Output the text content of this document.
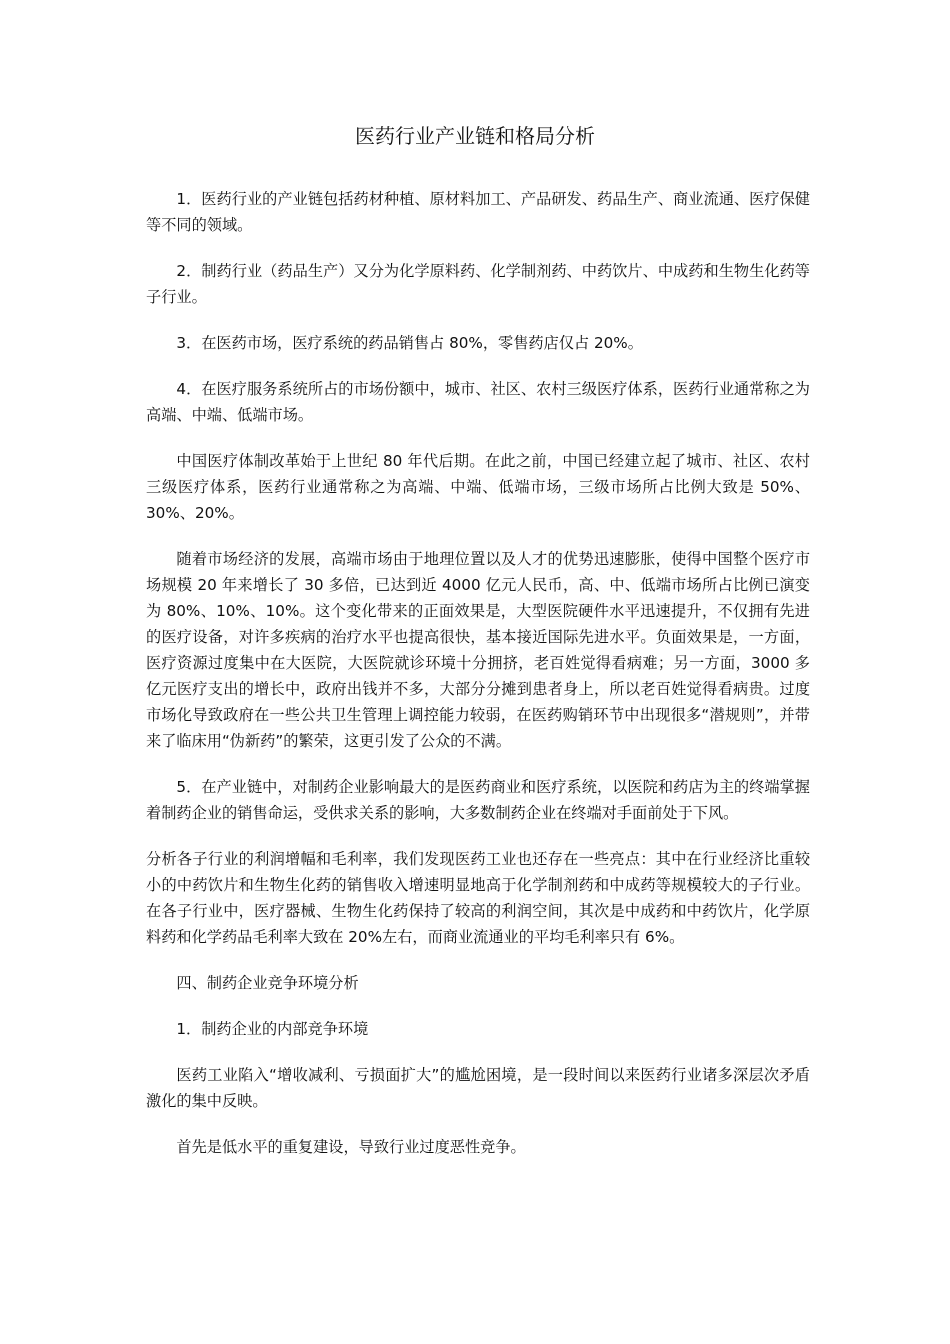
医药行业产业链和格局分析

1．医药行业的产业链包括药材种植、原材料加工、产品研发、药品生产、商业流通、医疗保健等不同的领域。

2．制药行业（药品生产）又分为化学原料药、化学制剂药、中药饮片、中成药和生物生化药等子行业。

3．在医药市场，医疗系统的药品销售占 80%，零售药店仅占 20%。

4．在医疗服务系统所占的市场份额中，城市、社区、农村三级医疗体系，医药行业通常称之为高端、中端、低端市场。

中国医疗体制改革始于上世纪 80 年代后期。在此之前，中国已经建立起了城市、社区、农村三级医疗体系，医药行业通常称之为高端、中端、低端市场，三级市场所占比例大致是 50%、30%、20%。

随着市场经济的发展，高端市场由于地理位置以及人才的优势迅速膨胀，使得中国整个医疗市场规模 20 年来增长了 30 多倍，已达到近 4000 亿元人民币，高、中、低端市场所占比例已演变为 80%、10%、10%。这个变化带来的正面效果是，大型医院硬件水平迅速提升，不仅拥有先进的医疗设备，对许多疾病的治疗水平也提高很快，基本接近国际先进水平。负面效果是，一方面，医疗资源过度集中在大医院，大医院就诊环境十分拥挤，老百姓觉得看病难；另一方面，3000 多亿元医疗支出的增长中，政府出钱并不多，大部分分摊到患者身上，所以老百姓觉得看病贵。过度市场化导致政府在一些公共卫生管理上调控能力较弱，在医药购销环节中出现很多“潜规则”，并带来了临床用“伪新药”的繁荣，这更引发了公众的不满。

5．在产业链中，对制药企业影响最大的是医药商业和医疗系统，以医院和药店为主的终端掌握着制药企业的销售命运，受供求关系的影响，大多数制药企业在终端对手面前处于下风。

分析各子行业的利润增幅和毛利率，我们发现医药工业也还存在一些亮点：其中在行业经济比重较小的中药饮片和生物生化药的销售收入增速明显地高于化学制剂药和中成药等规模较大的子行业。在各子行业中，医疗器械、生物生化药保持了较高的利润空间，其次是中成药和中药饮片，化学原料药和化学药品毛利率大致在 20%左右，而商业流通业的平均毛利率只有 6%。

四、制药企业竞争环境分析

1．制药企业的内部竞争环境

医药工业陷入“增收减利、亏损面扩大”的尴尬困境，是一段时间以来医药行业诸多深层次矛盾激化的集中反映。

首先是低水平的重复建设，导致行业过度恶性竞争。
